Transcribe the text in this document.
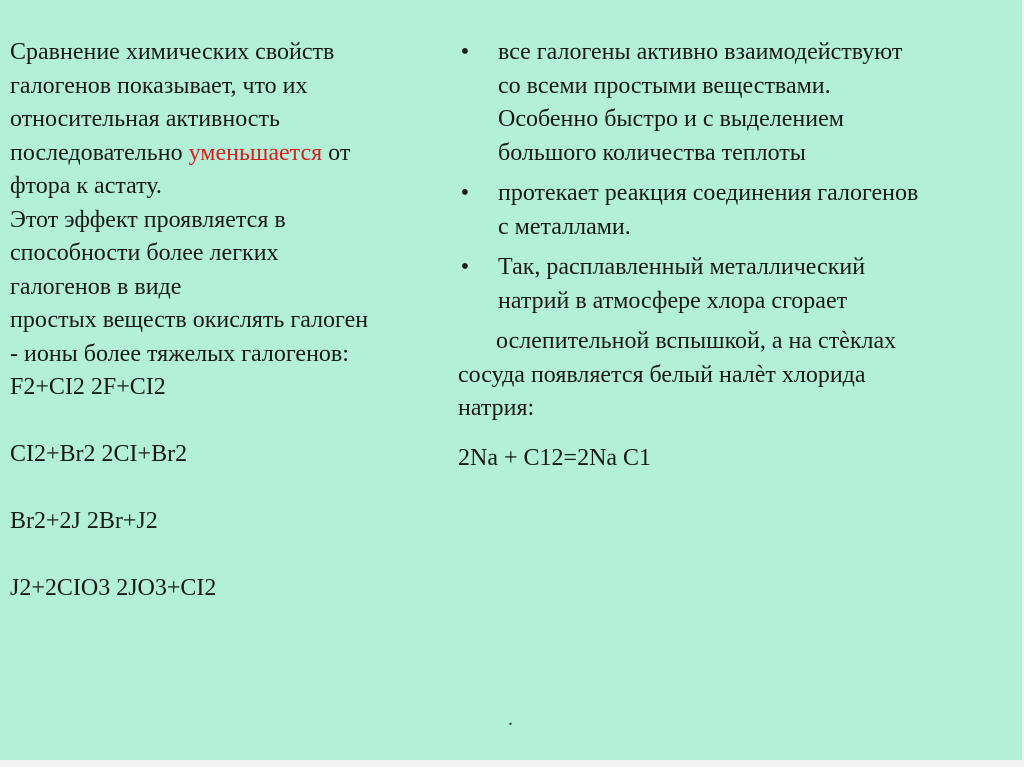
Сравнение химических свойств
галогенов показывает, что их
относительная активность
последовательно уменьшается от
фтора к астату.
Этот эффект проявляется в
способности более легких
галогенов в виде
простых веществ окислять галоген
- ионы более тяжелых галогенов:
F2+CI2 2F+CI2
CI2+Br2 2CI+Br2
Br2+2J 2Br+J2
J2+2CIO3 2JO3+CI2
• все галогены активно взаимодействуют
со всеми простыми веществами.
Особенно быстро и с выделением
большого количества теплоты
• протекает реакция соединения галогенов
с металлами.
• Так, расплавленный металлический
натрий в атмосфере хлора сгорает
ослепительной вспышкой, а на стѐклах
сосуда появляется белый налѐт хлорида
натрия:
2Na + C12=2Na C1
.
